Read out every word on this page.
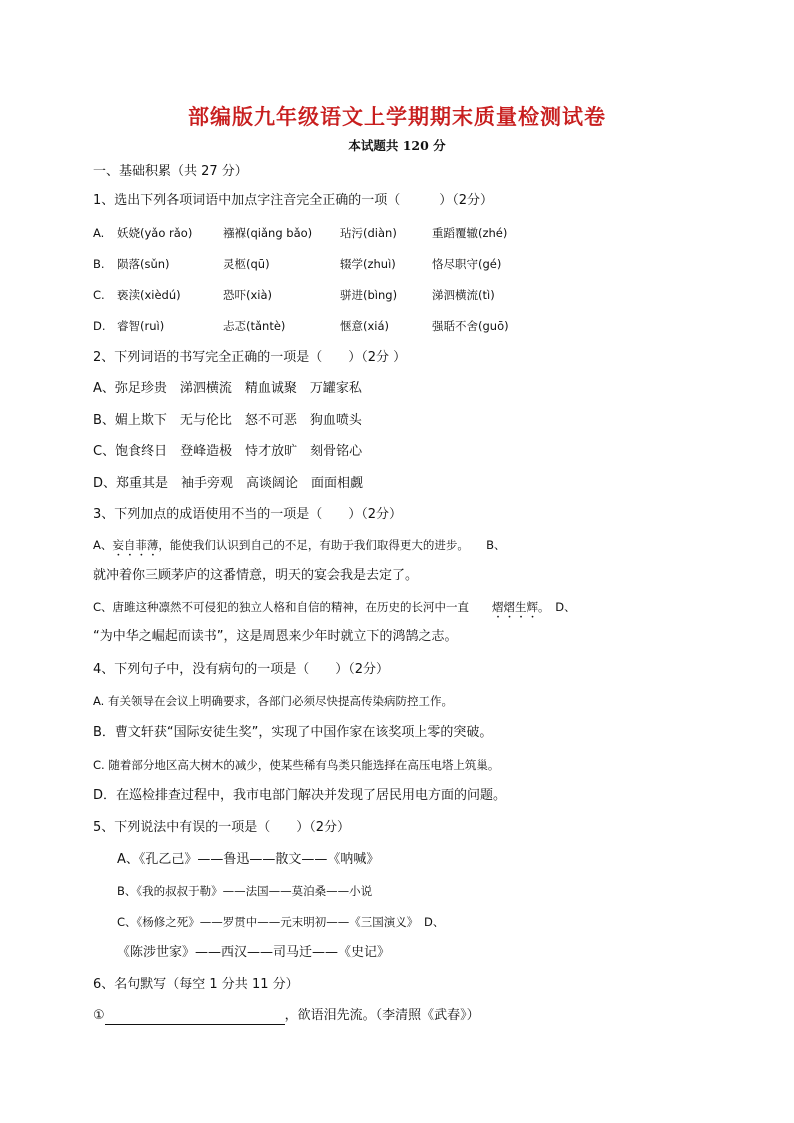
部编版九年级语文上学期期末质量检测试卷
本试题共 120 分
一、基础积累（共 27 分）
1、选出下列各项词语中加点字注音完全正确的一项（　　　）（2分）
A. 妖娆(yǎo rǎo)	襁褓(qiǎng bǎo) 玷污(diàn)	重蹈覆辙(zhé)
B. 陨落(sǔn)	灵柩(qū)	辍学(zhuì)	恪尽职守(gé)
C. 亵渎(xièdú)	恐吓(xià)	骈进(bìng)	涕泗横流(tì)
D. 睿智(ruì)	忐忑(tǎntè)	惬意(xiá)	强聒不舍(guō)
2、下列词语的书写完全正确的一项是（　　）（2分 ）
A、弥足珍贵　涕泗横流　精血诚聚　万罐家私
B、媚上欺下　无与伦比　怒不可恶　狗血喷头
C、饱食终日　登峰造极　恃才放旷　刻骨铭心
D、郑重其是　袖手旁观　高谈阔论　面面相觑
3、下列加点的成语使用不当的一项是（　　）（2分）
A、妄自菲薄，能使我们认识到自己的不足，有助于我们取得更大的进步。　　B、
就冲着你三顾茅庐的这番情意，明天的宴会我是去定了。
C、唐雎这种凛然不可侵犯的独立人格和自信的精神，在历史的长河中一直　　熠熠生辉。　D、
“为中华之崛起而读书”，这是周恩来少年时就立下的鸿鹄之志。
4、下列句子中，没有病句的一项是（　　）（2分）
A. 有关领导在会议上明确要求，各部门必须尽快提高传染病防控工作。
B．曹文轩获“国际安徒生奖”，实现了中国作家在该奖项上零的突破。
C. 随着部分地区高大树木的减少，使某些稀有鸟类只能选择在高压电塔上筑巢。
D．在巡检排查过程中，我市电部门解决并发现了居民用电方面的问题。
5、下列说法中有误的一项是（　　）（2分）
A、《孔乙己》——鲁迅——散文——《呐喊》
B、《我的叔叔于勒》——法国——莫泊桑——小说
C、《杨修之死》——罗贯中——元末明初——《三国演义》　D、
《陈涉世家》——西汉——司马迁——《史记》
6、名句默写（每空 1 分共 11 分）
①	，欲语泪先流。（李清照《武春》）
